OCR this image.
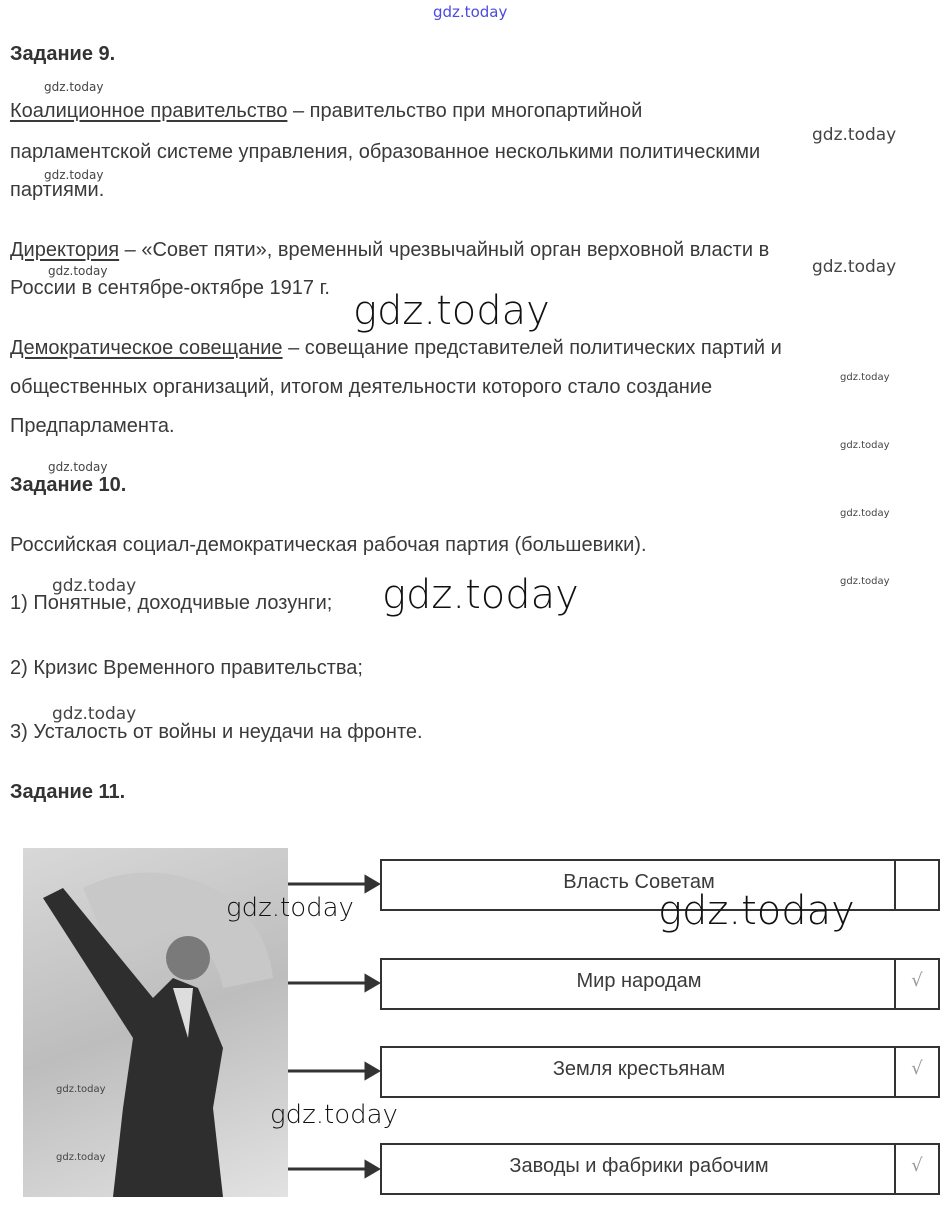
gdz.today
Задание 9.
gdz.today
Коалиционное правительство – правительство при многопартийной
gdz.today
парламентской системе управления, образованное несколькими политическими
gdz.today
партиями.
Директория – «Совет пяти», временный чрезвычайный орган верховной власти в
gdz.today	gdz.today
России в сентябре-октябре 1917 г. gdz.today
Демократическое совещание – совещание представителей политических партий и
общественных организаций, итогом деятельности которого стало создание	gdz.today
Предпарламента.
gdz.today
gdz.today
Задание 10.
gdz.today
Российская социал-демократическая рабочая партия (большевики).
gdz.today	gdz.today
1) Понятные, доходчивые лозунги; gdz.today
2) Кризис Временного правительства;
gdz.today
3) Усталость от войны и неудачи на фронте.
Задание 11.
gdz.today
gdz.today
Власть Советам
Мир народам	√
Земля крестьянам	√
Заводы и фабрики рабочим	√
gdz.today	gdz.today
gdz.today
